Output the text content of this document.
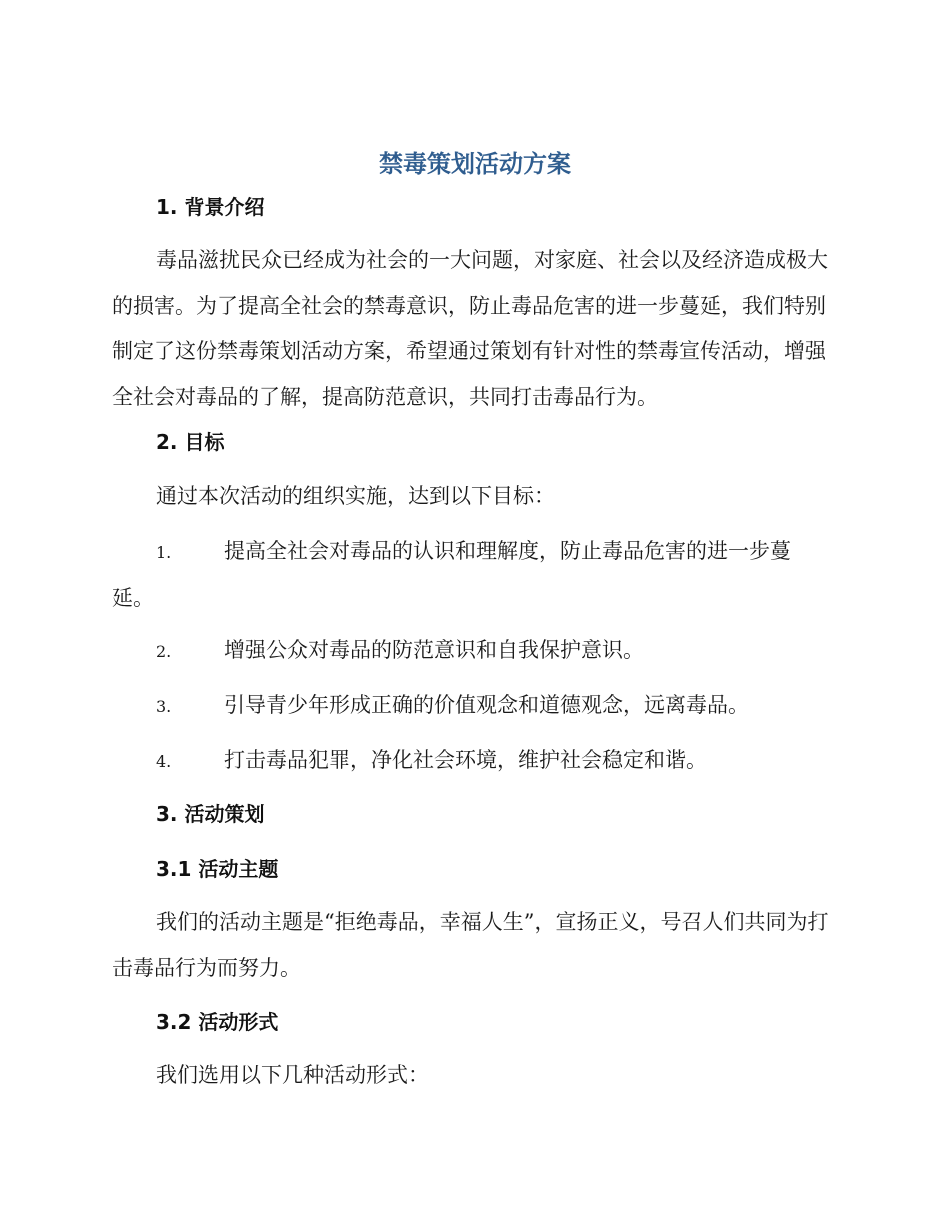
禁毒策划活动方案
1. 背景介绍
毒品滋扰民众已经成为社会的一大问题，对家庭、社会以及经济造成极大的损害。为了提高全社会的禁毒意识，防止毒品危害的进一步蔓延，我们特别制定了这份禁毒策划活动方案，希望通过策划有针对性的禁毒宣传活动，增强全社会对毒品的了解，提高防范意识，共同打击毒品行为。
2. 目标
通过本次活动的组织实施，达到以下目标：
1.	提高全社会对毒品的认识和理解度，防止毒品危害的进一步蔓延。
2.	增强公众对毒品的防范意识和自我保护意识。
3.	引导青少年形成正确的价值观念和道德观念，远离毒品。
4.	打击毒品犯罪，净化社会环境，维护社会稳定和谐。
3. 活动策划
3.1 活动主题
我们的活动主题是“拒绝毒品，幸福人生”，宣扬正义，号召人们共同为打击毒品行为而努力。
3.2 活动形式
我们选用以下几种活动形式：
